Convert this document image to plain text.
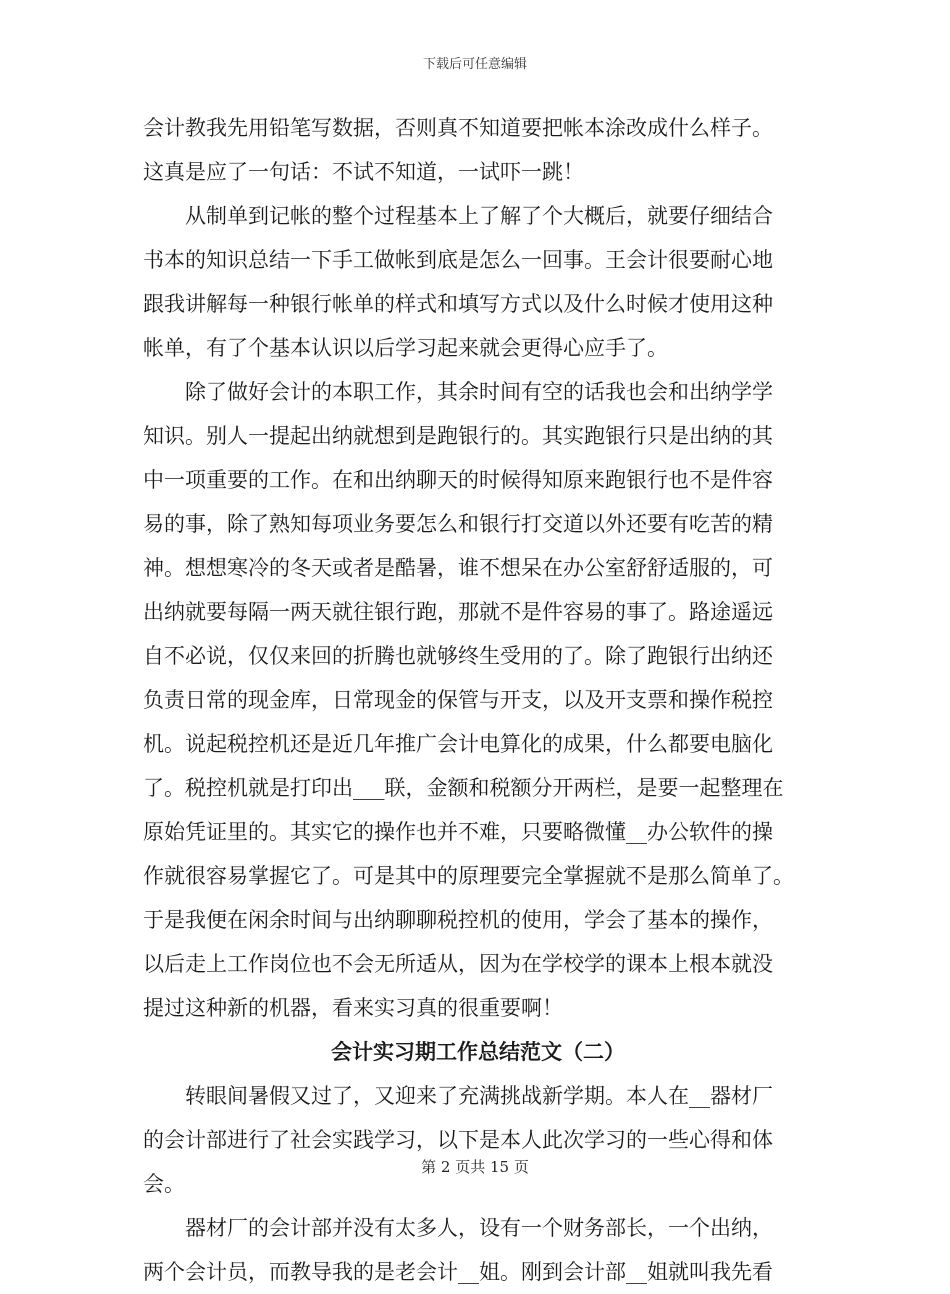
下载后可任意编辑
会计教我先用铅笔写数据，否则真不知道要把帐本涂改成什么样子。
这真是应了一句话：不试不知道，一试吓一跳！
　　从制单到记帐的整个过程基本上了解了个大概后，就要仔细结合
书本的知识总结一下手工做帐到底是怎么一回事。王会计很要耐心地
跟我讲解每一种银行帐单的样式和填写方式以及什么时候才使用这种
帐单，有了个基本认识以后学习起来就会更得心应手了。
　　除了做好会计的本职工作，其余时间有空的话我也会和出纳学学
知识。别人一提起出纳就想到是跑银行的。其实跑银行只是出纳的其
中一项重要的工作。在和出纳聊天的时候得知原来跑银行也不是件容
易的事，除了熟知每项业务要怎么和银行打交道以外还要有吃苦的精
神。想想寒冷的冬天或者是酷暑，谁不想呆在办公室舒舒适服的，可
出纳就要每隔一两天就往银行跑，那就不是件容易的事了。路途遥远
自不必说，仅仅来回的折腾也就够终生受用的了。除了跑银行出纳还
负责日常的现金库，日常现金的保管与开支，以及开支票和操作税控
机。说起税控机还是近几年推广会计电算化的成果，什么都要电脑化
了。税控机就是打印出___联，金额和税额分开两栏，是要一起整理在
原始凭证里的。其实它的操作也并不难，只要略微懂__办公软件的操
作就很容易掌握它了。可是其中的原理要完全掌握就不是那么简单了。
于是我便在闲余时间与出纳聊聊税控机的使用，学会了基本的操作，
以后走上工作岗位也不会无所适从，因为在学校学的课本上根本就没
提过这种新的机器，看来实习真的很重要啊！
会计实习期工作总结范文（二）
　　转眼间暑假又过了，又迎来了充满挑战新学期。本人在__器材厂
的会计部进行了社会实践学习，以下是本人此次学习的一些心得和体
会。
　　器材厂的会计部并没有太多人，设有一个财务部长，一个出纳，
两个会计员，而教导我的是老会计__姐。刚到会计部__姐就叫我先看
第 2 页共 15 页
